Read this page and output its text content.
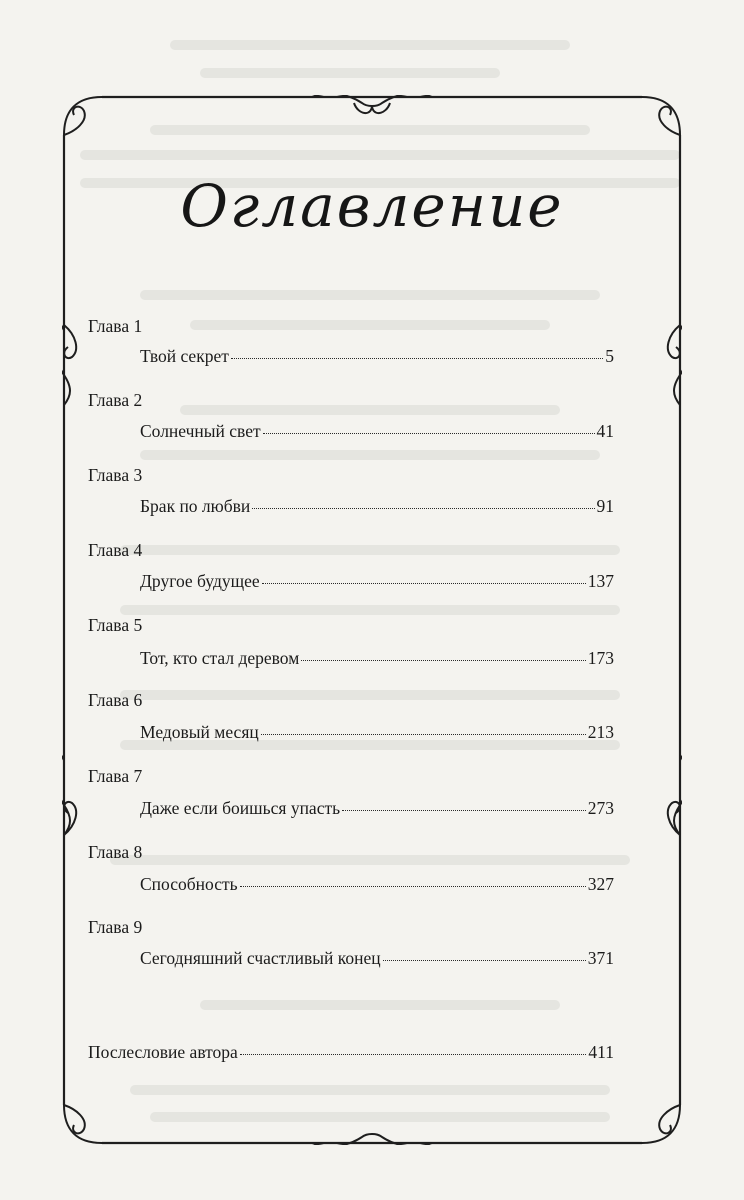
Оглавление
Глава 1
Твой секрет	5
Глава 2
Солнечный свет	41
Глава 3
Брак по любви	91
Глава 4
Другое будущее	137
Глава 5
Тот, кто стал деревом	173
Глава 6
Медовый месяц	213
Глава 7
Даже если боишься упасть	273
Глава 8
Способность	327
Глава 9
Сегодняшний счастливый конец	371
Послесловие автора	411
